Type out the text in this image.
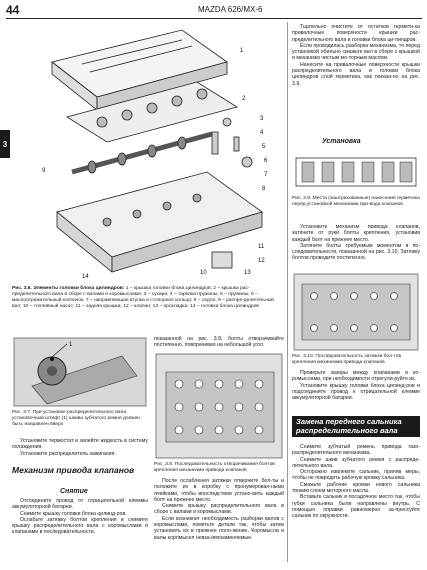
44	MAZDA 626/MX-6
3
1
2
3
4
5
6
7
8
9
10
11
12
13
14
Рис. 3.6. Элементы головки блока цилиндров: 1 – крышка головки блока цилиндров; 2 – крышка рас-пределительного вала в сборе с валами и коромыслами; 3 – сухари; 4 – тарелка пружины; 5 – пружины; 6 – маслоотражательный колпачок; 7 – направляющая втулка и стопорное кольцо; 8 – седло; 9 – распре-делительный вал; 10 – топливный насос; 11 – задняя крышка; 12 – клапан; 13 – прокладка; 14 – головка блока цилиндров
1
Рис. 3.7. При установке распределительного вала установочный штифт (1) шкива зубчатого ремня должен быть направлен вверх
Установите термостат и залейте жидкость в систему охлаждения.
Установите распределитель зажигания.
Механизм привода клапанов
Снятие
Отсоедините провод от отрицательной клеммы аккумуляторной батареи.
Снимите крышку головки блока цилинд-ров.
Ослабьте затяжку болтов крепления и снимите крышку распределительного вала с коромыслами и клапанами в последовательности,
показанной на рис. 3.8, болты отворачивайте постепенно, поворачивая на небольшой угол.
Рис. 3.8. Последовательность отворачивания болтов крепления механизма привода клапанов
После ослабления затяжки отверните бол-ты и положите их в коробку с пронумерован-ными ячейками, чтобы впоследствии устано-вить каждый болт на прежнее место.
Снимите крышку распределительного вала в сборе с валами и коромыслами.
Если возникнет необходимость разборки валов с коромыслами, пометьте детали так, чтобы затем установить их в прежнее поло-жение. Коромысла и валы коромысел невза-имозаменяемые.
Тщательно очистите от остатков гермети-ка привалочные поверхности крышки рас-пределительного вала и головки блока ци-линдров.
Если проводилась разборка механизма, то перед установкой обильно смажьте вал в сборе с крышкой и механизм чистым мо-торным маслом.
Нанесите на привалочные поверхности крышки распределительного вала и головки блока цилиндров слой герметика, как показа-но на рис. 3.9.
Установка
Рис. 3.9. Места (заштрихованные) нанесения герметика перед установкой механизма при-вода клапанов
Установите механизм привода клапанов, затяните от руки болты крепления, установив каждый болт на прежнее место.
Затяните болты требуемым моментом в по-следовательности, показанной на рис. 3.10. Затяжку болтов проводите постепенно.
Рис. 3.10. Последовательность затяжки бол-тов крепления механизма привода клапанов
Проверьте зазоры между клапанами и ко-ромыслами, при необходимости отрегули-руйте их.
Установите крышку головки блока цилинд-ров и подсоедините провод к отрицательной клемме аккумуляторной батареи.
Замена переднего сальника распределительного вала
Снимите зубчатый ремень привода газо-распределительного механизма.
Снимите шкив зубчатого ремня с распреде-лительного вала.
Осторожно извлеките сальник, приняв меры, чтобы не повредить рабочую кромку сальника.
Смажьте рабочие кромки нового сальника тонким слоем моторного масла.
Вставьте сальник в посадочное место так, чтобы губки сальника были направлены внутрь. С помощью оправки равномерно за-прессуйте сальник по окружности.
